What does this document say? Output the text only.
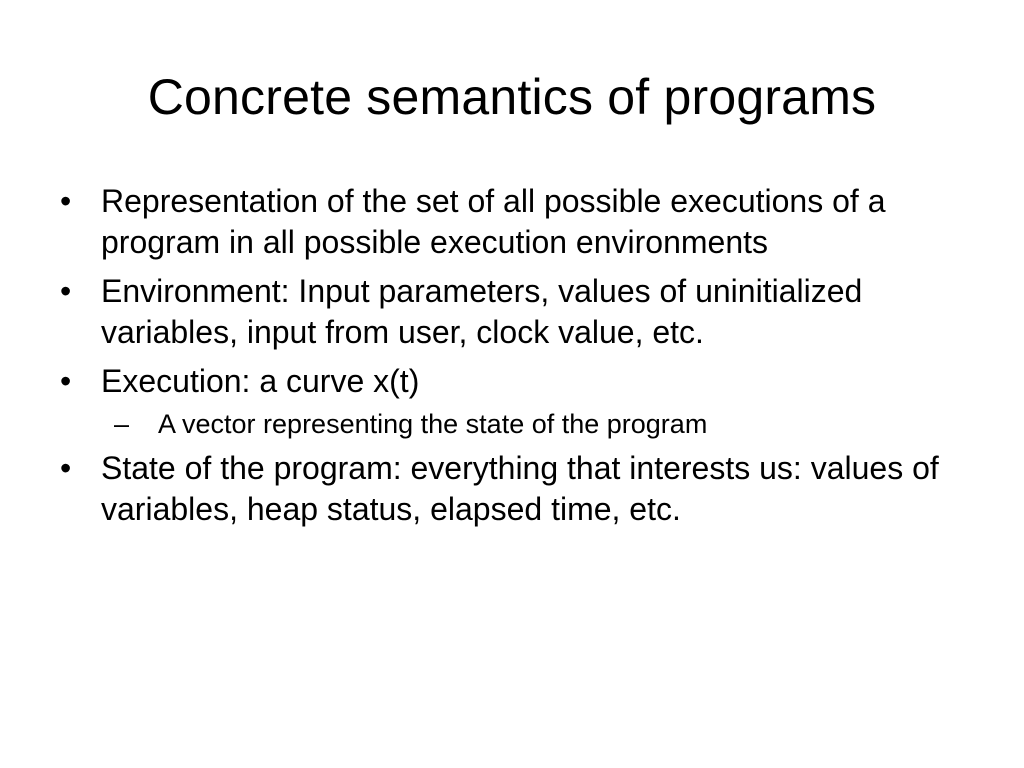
Concrete semantics of programs
• Representation of the set of all possible executions of a program in all possible execution environments
• Environment: Input parameters, values of uninitialized variables, input from user, clock value, etc.
• Execution: a curve x(t)
–	A vector representing the state of the program
• State of the program: everything that interests us: values of variables, heap status, elapsed time, etc.
